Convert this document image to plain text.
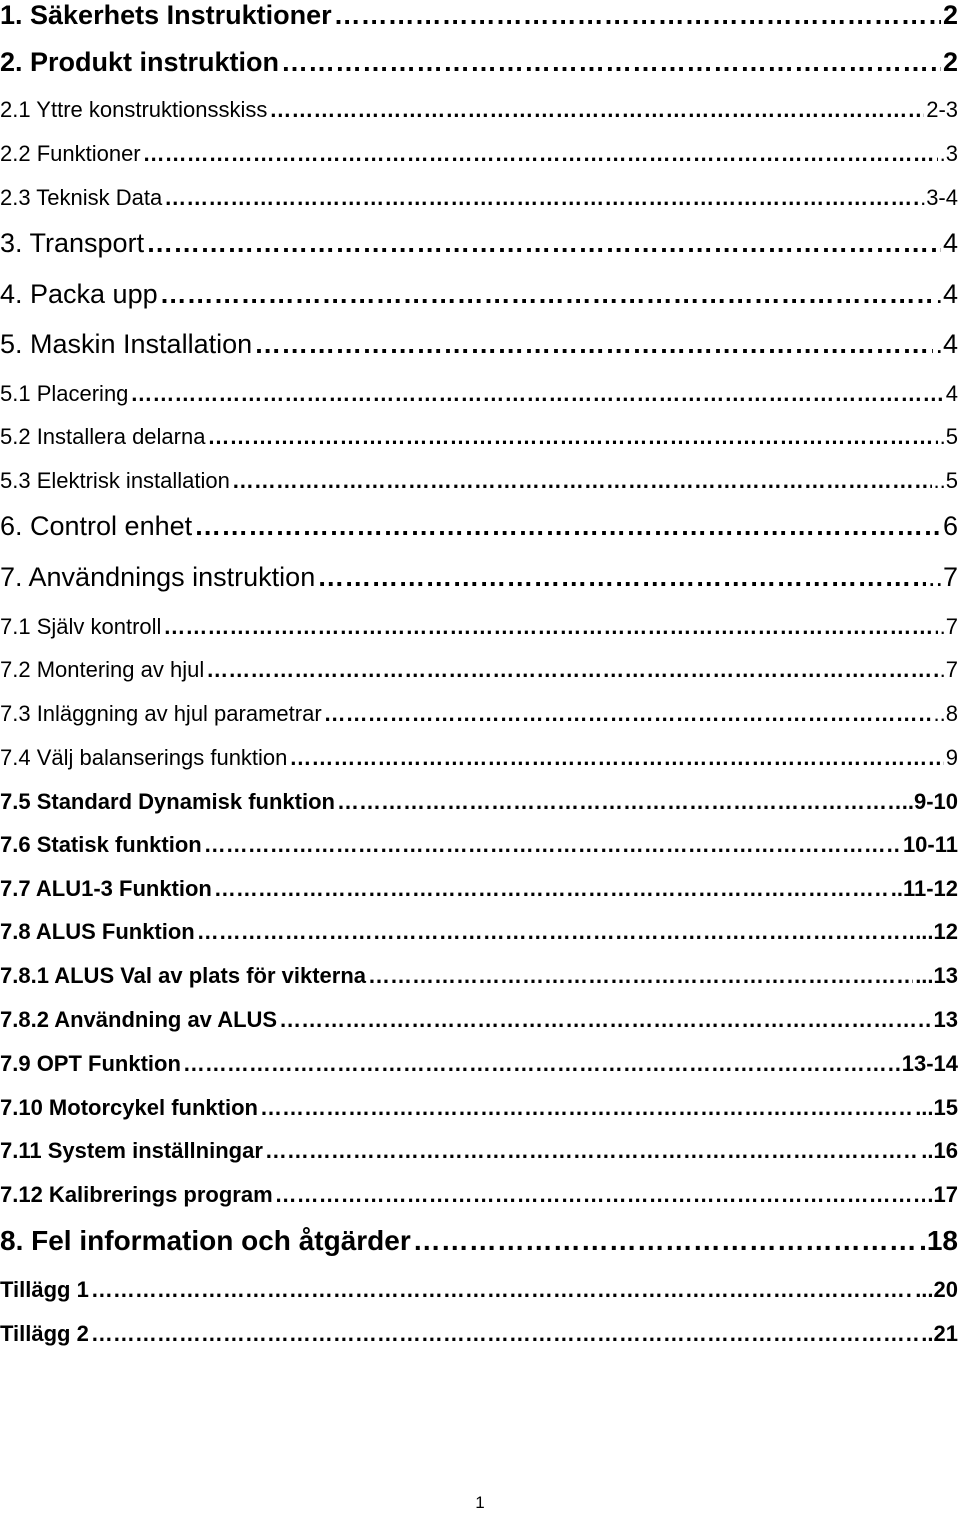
1. Säkerhets Instruktioner …………………………………………………………………………………………………………………………………………………………………………………………………………………	2
2. Produkt instruktion …………………………………………………………………………………………………………………………………………………………………………………………………………………	2
2.1 Yttre konstruktionsskiss …………………………………………………………………………………………………………………………………………………………………………………………………………………	2-3
2.2 Funktioner …………………………………………………………………………………………………………………………………………………………………………………………………………………	.3
2.3 Teknisk Data …………………………………………………………………………………………………………………………………………………………………………………………………………………	.3-4
3. Transport …………………………………………………………………………………………………………………………………………………………………………………………………………………	4
4. Packa upp …………………………………………………………………………………………………………………………………………………………………………………………………………………	.4
5. Maskin Installation …………………………………………………………………………………………………………………………………………………………………………………………………………………	.4
5.1 Placering …………………………………………………………………………………………………………………………………………………………………………………………………………………	4
5.2 Installera delarna …………………………………………………………………………………………………………………………………………………………………………………………………………………	.5
5.3 Elektrisk installation …………………………………………………………………………………………………………………………………………………………………………………………………………………	..5
6. Control enhet …………………………………………………………………………………………………………………………………………………………………………………………………………………	6
7. Användnings instruktion …………………………………………………………………………………………………………………………………………………………………………………………………………………	..7
7.1 Själv kontroll …………………………………………………………………………………………………………………………………………………………………………………………………………………	.7
7.2 Montering av hjul …………………………………………………………………………………………………………………………………………………………………………………………………………………	.7
7.3 Inläggning av hjul parametrar …………………………………………………………………………………………………………………………………………………………………………………………………………………	..8
7.4 Välj balanserings funktion …………………………………………………………………………………………………………………………………………………………………………………………………………………	9
7.5 Standard Dynamisk funktion …………………………………………………………………………………………………………………………………………………………………………………………………………………	..9-10
7.6 Statisk funktion …………………………………………………………………………………………………………………………………………………………………………………………………………………	10-11
7.7 ALU1-3 Funktion …………………………………………………………………………………………………………………………………………………………………………………………………………………	..11-12
7.8 ALUS Funktion …………………………………………………………………………………………………………………………………………………………………………………………………………………	...12
7.8.1 ALUS Val av plats för vikterna …………………………………………………………………………………………………………………………………………………………………………………………………………………	...13
7.8.2 Användning av ALUS …………………………………………………………………………………………………………………………………………………………………………………………………………………	13
7.9 OPT Funktion …………………………………………………………………………………………………………………………………………………………………………………………………………………	13-14
7.10 Motorcykel funktion …………………………………………………………………………………………………………………………………………………………………………………………………………………	...15
7.11 System inställningar …………………………………………………………………………………………………………………………………………………………………………………………………………………	..16
7.12 Kalibrerings program …………………………………………………………………………………………………………………………………………………………………………………………………………………	.17
8. Fel information och åtgärder …………………………………………………………………………………………………………………………………………………………………………………………………………………	.18
Tillägg 1 …………………………………………………………………………………………………………………………………………………………………………………………………………………	...20
Tillägg 2 …………………………………………………………………………………………………………………………………………………………………………………………………………………	..21
1
